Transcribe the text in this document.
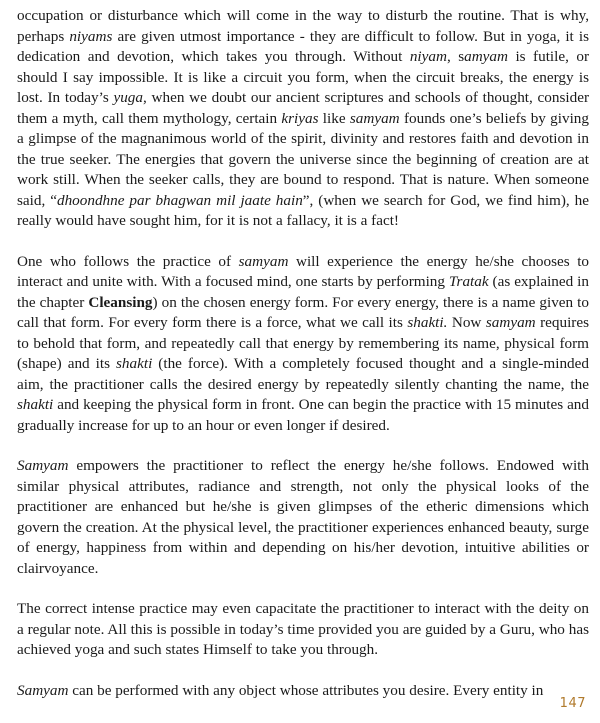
occupation or disturbance which will come in the way to disturb the routine. That is why, perhaps niyams are given utmost importance - they are difficult to follow. But in yoga, it is dedication and devotion, which takes you through. Without niyam, samyam is futile, or should I say impossible. It is like a circuit you form, when the circuit breaks, the energy is lost. In today’s yuga, when we doubt our ancient scriptures and schools of thought, consider them a myth, call them mythology, certain kriyas like samyam founds one’s beliefs by giving a glimpse of the magnanimous world of the spirit, divinity and restores faith and devotion in the true seeker. The energies that govern the universe since the beginning of creation are at work still. When the seeker calls, they are bound to respond. That is nature. When someone said, “dhoondhne par bhagwan mil jaate hain”, (when we search for God, we find him), he really would have sought him, for it is not a fallacy, it is a fact!

One who follows the practice of samyam will experience the energy he/she chooses to interact and unite with. With a focused mind, one starts by performing Tratak (as explained in the chapter Cleansing) on the chosen energy form. For every energy, there is a name given to call that form. For every form there is a force, what we call its shakti. Now samyam requires to behold that form, and repeatedly call that energy by remembering its name, physical form (shape) and its shakti (the force). With a completely focused thought and a single-minded aim, the practitioner calls the desired energy by repeatedly silently chanting the name, the shakti and keeping the physical form in front. One can begin the practice with 15 minutes and gradually increase for up to an hour or even longer if desired.

Samyam empowers the practitioner to reflect the energy he/she follows. Endowed with similar physical attributes, radiance and strength, not only the physical looks of the practitioner are enhanced but he/she is given glimpses of the etheric dimensions which govern the creation. At the physical level, the practitioner experiences enhanced beauty, surge of energy, happiness from within and depending on his/her devotion, intuitive abilities or clairvoyance.

The correct intense practice may even capacitate the practitioner to interact with the deity on a regular note. All this is possible in today’s time provided you are guided by a Guru, who has achieved yoga and such states Himself to take you through.

Samyam can be performed with any object whose attributes you desire. Every entity in

147
